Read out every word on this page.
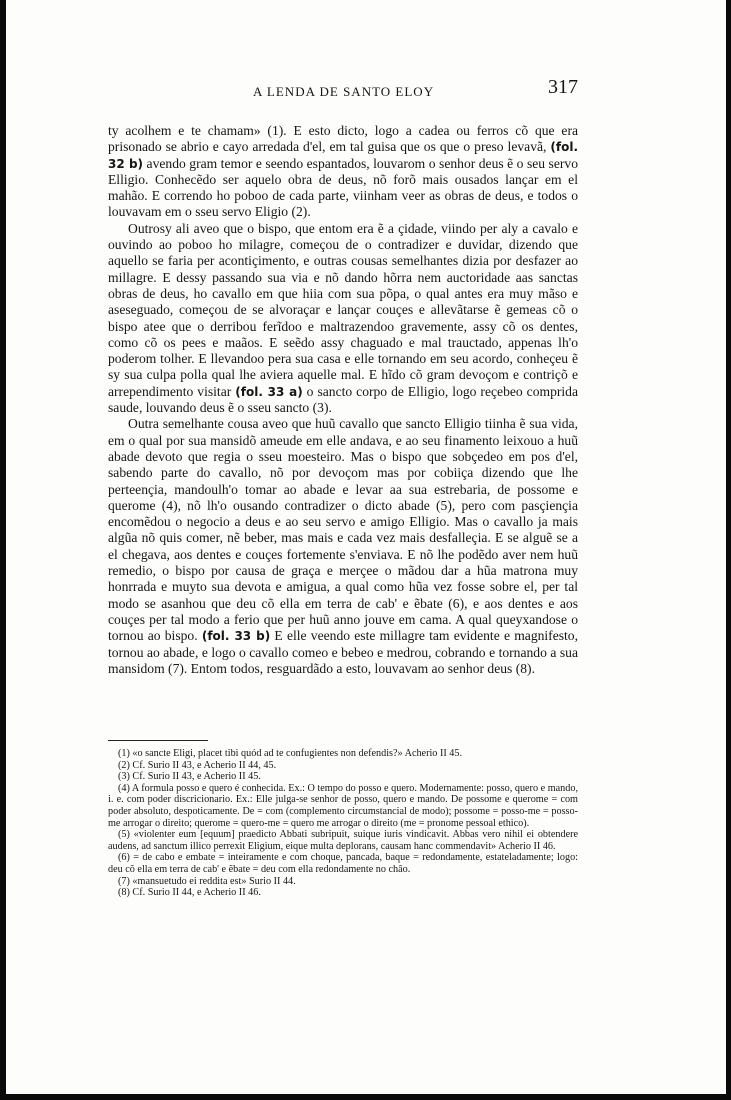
A LENDA DE SANTO ELOY	317

ty acolhem e te chamam» (1). E esto dicto, logo a cadea ou ferros cõ que era prisonado se abrio e cayo arredada d'el, em tal guisa que os que o preso levavã, (fol. 32 b) avendo gram temor e seendo espantados, louvarom o senhor deus ẽ o seu servo Elligio. Conhecẽdo ser aquelo obra de deus, nõ forõ mais ousados lançar em el mahão. E correndo ho poboo de cada parte, viinham veer as obras de deus, e todos o louvavam em o sseu servo Eligio (2).

Outrosy ali aveo que o bispo, que entom era ẽ a çidade, viindo per aly a cavalo e ouvindo ao poboo ho milagre, começou de o contradizer e duvidar, dizendo que aquello se faria per acontiçimento, e outras cousas semelhantes dizia por desfazer ao millagre. E dessy passando sua via e nõ dando hõrra nem auctoridade aas sanctas obras de deus, ho cavallo em que hiia com sua põpa, o qual antes era muy mãso e aseseguado, começou de se alvoraçar e lançar couçes e allevãtarse ẽ gemeas cõ o bispo atee que o derribou ferĩdoo e maltrazendoo gravemente, assy cõ os dentes, como cõ os pees e maãos. E seẽdo assy chaguado e mal trauctado, appenas lh'o poderom tolher. E llevandoo pera sua casa e elle tornando em seu acordo, conheçeu ẽ sy sua culpa polla qual lhe aviera aquelle mal. E hĩdo cõ gram devoçom e contriçõ e arrependimento visitar (fol. 33 a) o sancto corpo de Elligio, logo reçebeo comprida saude, louvando deus ẽ o sseu sancto (3).

Outra semelhante cousa aveo que huũ cavallo que sancto Elligio tiinha ẽ sua vida, em o qual por sua mansidõ ameude em elle andava, e ao seu finamento leixouo a huũ abade devoto que regia o sseu moesteiro. Mas o bispo que sobçedeo em pos d'el, sabendo parte do cavallo, nõ por devoçom mas por cobiiça dizendo que lhe perteençia, mandoulh'o tomar ao abade e levar aa sua estrebaria, de possome e querome (4), nõ lh'o ousando contradizer o dicto abade (5), pero com pasçiençia encomẽdou o negocio a deus e ao seu servo e amigo Elligio. Mas o cavallo ja mais algũa nõ quis comer, nẽ beber, mas mais e cada vez mais desfalleçia. E se alguẽ se a el chegava, aos dentes e couçes fortemente s'enviava. E nõ lhe podẽdo aver nem huũ remedio, o bispo por causa de graça e merçee o mãdou dar a hũa matrona muy honrrada e muyto sua devota e amigua, a qual como hũa vez fosse sobre el, per tal modo se asanhou que deu cõ ella em terra de cab' e ẽbate (6), e aos dentes e aos couçes per tal modo a ferio que per huũ anno jouve em cama. A qual queyxandose o tornou ao bispo. (fol. 33 b) E elle veendo este millagre tam evidente e magnifesto, tornou ao abade, e logo o cavallo comeo e bebeo e medrou, cobrando e tornando a sua mansidom (7). Entom todos, resguardãdo a esto, louvavam ao senhor deus (8).

(1) «o sancte Eligi, placet tibi quód ad te confugientes non defendis?» Acherio II 45.
(2) Cf. Surio II 43, e Acherio II 44, 45.
(3) Cf. Surio II 43, e Acherio II 45.
(4) A formula posso e quero é conhecida. Ex.: O tempo do posso e quero. Modernamente: posso, quero e mando, i. e. com poder discricionario. Ex.: Elle julga-se senhor de posso, quero e mando. De possome e querome = com poder absoluto, despoticamente. De = com (complemento circumstancial de modo); possome = posso-me = posso-me arrogar o direito; querome = quero-me = quero me arrogar o direito (me = pronome pessoal ethico).
(5) «violenter eum [equum] praedicto Abbati subripuit, suique iuris vindicavit. Abbas vero nihil ei obtendere audens, ad sanctum illico perrexit Eligium, eique multa deplorans, causam hanc commendavit» Acherio II 46.
(6) = de cabo e embate = inteiramente e com choque, pancada, baque = redondamente, estateladamente; logo: deu cõ ella em terra de cab' e ẽbate = deu com ella redondamente no châo.
(7) «mansuetudo ei reddita est» Surio II 44.
(8) Cf. Surio II 44, e Acherio II 46.
